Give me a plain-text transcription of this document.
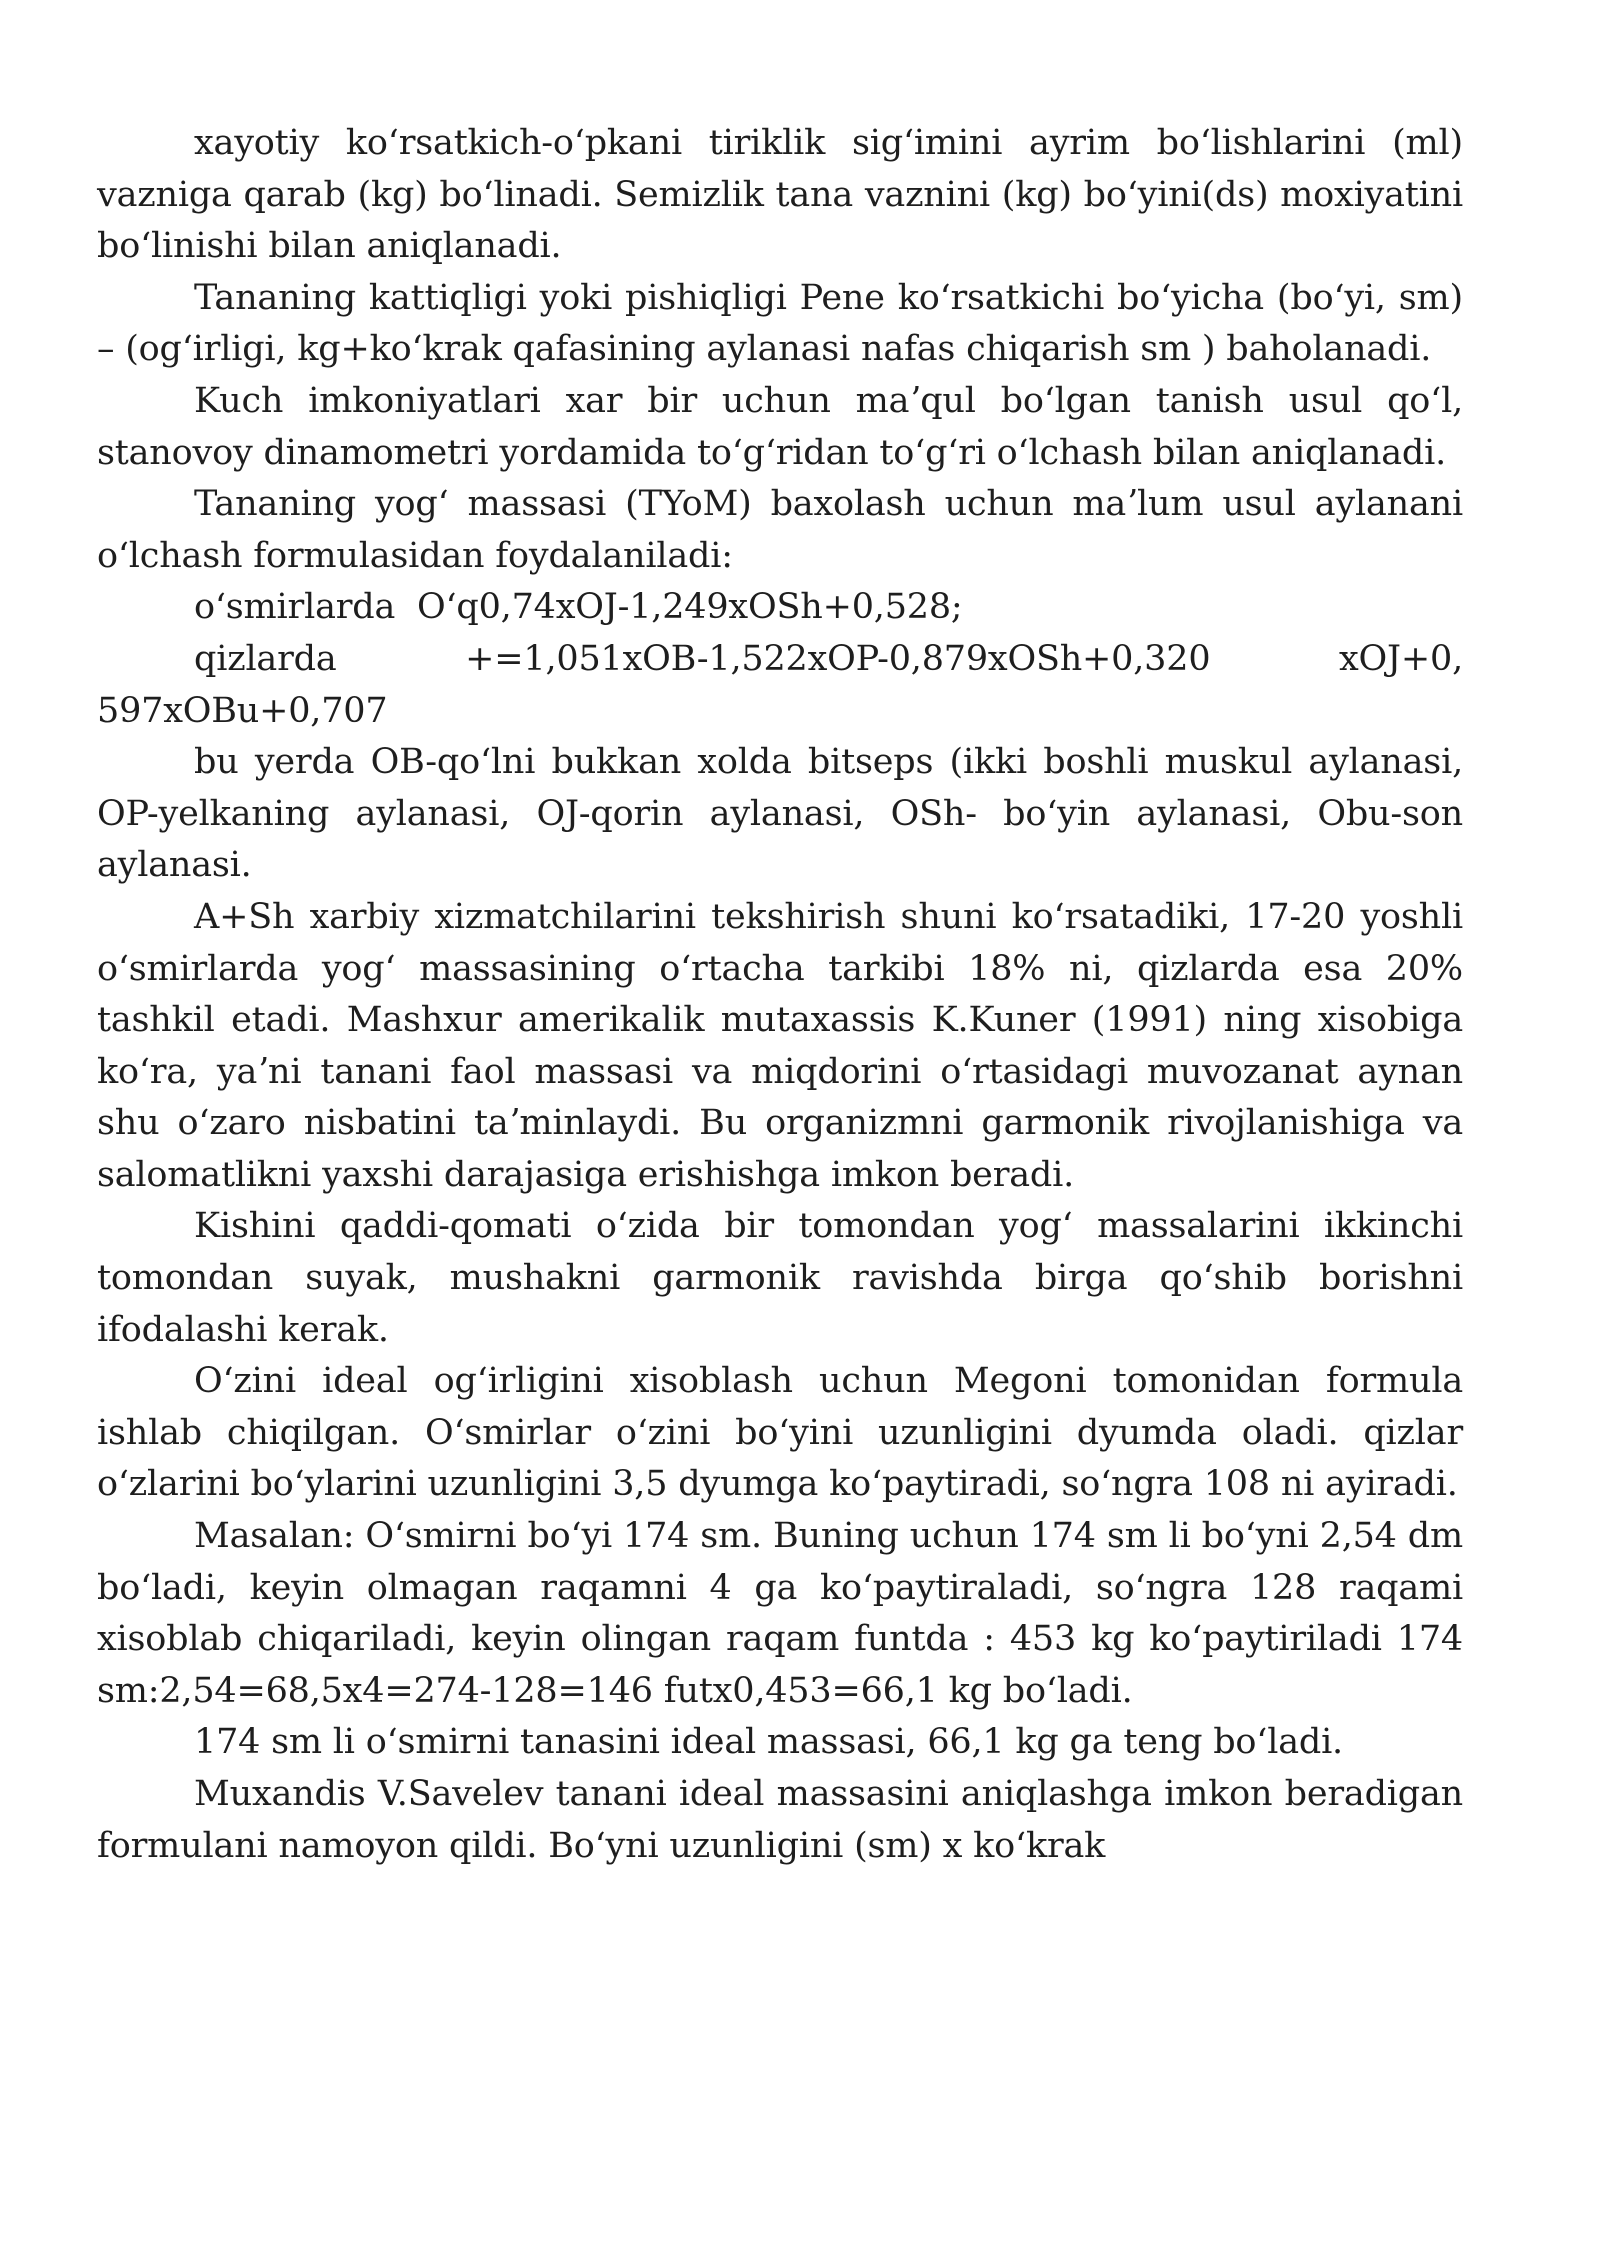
xayotiy koʻrsatkich-oʻpkani tiriklik sigʻimini ayrim boʻlishlarini (ml) vazniga qarab (kg) boʻlinadi. Semizlik tana vaznini (kg) boʻyini(ds) moxiyatini boʻlinishi bilan aniqlanadi.

Tananing kattiqligi yoki pishiqligi Pene koʻrsatkichi boʻyicha (boʻyi, sm) – (ogʻirligi, kg+koʻkrak qafasining aylanasi nafas chiqarish sm ) baholanadi.

Kuch imkoniyatlari xar bir uchun maʼqul boʻlgan tanish usul qoʻl, stanovoy dinamometri yordamida toʻgʻridan toʻgʻri oʻlchash bilan aniqlanadi.

Tananing yogʻ massasi (TYoM) baxolash uchun maʼlum usul aylanani oʻlchash formulasidan foydalaniladi:

oʻsmirlarda  Oʻq0,74xOJ-1,249xOSh+0,528;

qizlarda	+=1,051xOB-1,522xOP-0,879xOSh+0,320	xOJ+0,
597xOBu+0,707

bu yerda OB-qoʻlni bukkan xolda bitseps (ikki boshli muskul aylanasi, OP-yelkaning aylanasi, OJ-qorin aylanasi, OSh- boʻyin aylanasi, Obu-son aylanasi.

A+Sh xarbiy xizmatchilarini tekshirish shuni koʻrsatadiki, 17-20 yoshli oʻsmirlarda yogʻ massasining oʻrtacha tarkibi 18% ni, qizlarda esa 20% tashkil etadi. Mashxur amerikalik mutaxassis K.Kuner (1991) ning xisobiga koʻra, yaʼni tanani faol massasi va miqdorini oʻrtasidagi muvozanat aynan shu oʻzaro nisbatini taʼminlaydi. Bu organizmni garmonik rivojlanishiga va salomatlikni yaxshi darajasiga erishishga imkon beradi.

Kishini qaddi-qomati oʻzida bir tomondan yogʻ massalarini ikkinchi tomondan suyak, mushakni garmonik ravishda birga qoʻshib borishni ifodalashi kerak.

Oʻzini ideal ogʻirligini xisoblash uchun Megoni tomonidan formula ishlab chiqilgan. Oʻsmirlar oʻzini boʻyini uzunligini dyumda oladi. qizlar oʻzlarini boʻylarini uzunligini 3,5 dyumga koʻpaytiradi, soʻngra 108 ni ayiradi.

Masalan: Oʻsmirni boʻyi 174 sm. Buning uchun 174 sm li boʻyni 2,54 dm boʻladi, keyin olmagan raqamni 4 ga koʻpaytiraladi, soʻngra 128 raqami xisoblab chiqariladi, keyin olingan raqam funtda : 453 kg koʻpaytiriladi 174 sm:2,54=68,5x4=274-128=146 futx0,453=66,1 kg boʻladi.

174 sm li oʻsmirni tanasini ideal massasi, 66,1 kg ga teng boʻladi.

Muxandis V.Savelev tanani ideal massasini aniqlashga imkon beradigan formulani namoyon qildi. Boʻyni uzunligini (sm) x koʻkrak
